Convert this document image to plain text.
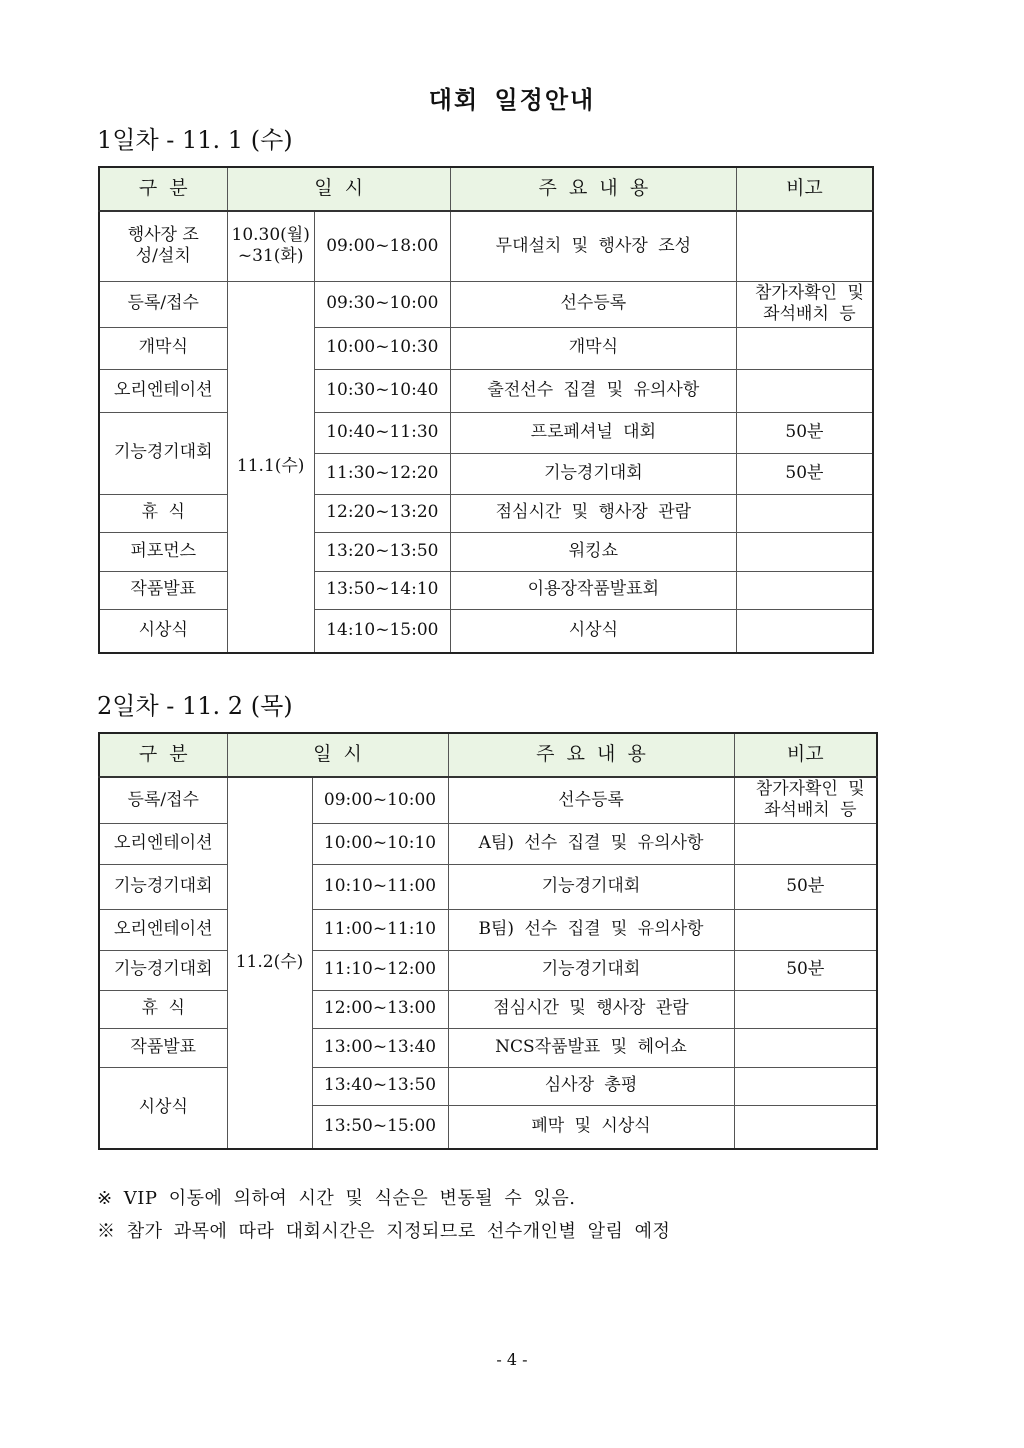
대회 일정안내
1일차 - 11. 1 (수)
구  분	일  시		주  요  내  용	비고
행사장 조성/설치	10.30(월) ~31(화)	09:00~18:00	무대설치 및 행사장 조성	
등록/접수	11.1(수)	09:30~10:00	선수등록	참가자확인 및 좌석배치 등
개막식		10:00~10:30	개막식	
오리엔테이션		10:30~10:40	출전선수 집결 및 유의사항	
기능경기대회		10:40~11:30	프로페셔널 대회	50분
		11:30~12:20	기능경기대회	50분
휴 식		12:20~13:20	점심시간 및 행사장 관람	
퍼포먼스		13:20~13:50	워킹쇼	
작품발표		13:50~14:10	이용장작품발표회	
시상식		14:10~15:00	시상식	
2일차 - 11. 2 (목)
구  분	일  시		주  요  내  용	비고
등록/접수	11.2(수)	09:00~10:00	선수등록	참가자확인 및 좌석배치 등
오리엔테이션		10:00~10:10	A팀) 선수 집결 및 유의사항	
기능경기대회		10:10~11:00	기능경기대회	50분
오리엔테이션		11:00~11:10	B팀) 선수 집결 및 유의사항	
기능경기대회		11:10~12:00	기능경기대회	50분
휴 식		12:00~13:00	점심시간 및 행사장 관람	
작품발표		13:00~13:40	NCS작품발표 및 헤어쇼	
시상식		13:40~13:50	심사장 총평	
		13:50~15:00	폐막 및 시상식	
※ VIP 이동에 의하여 시간 및 식순은 변동될 수 있음.
※ 참가 과목에 따라 대회시간은 지정되므로 선수개인별 알림 예정
- 4 -
